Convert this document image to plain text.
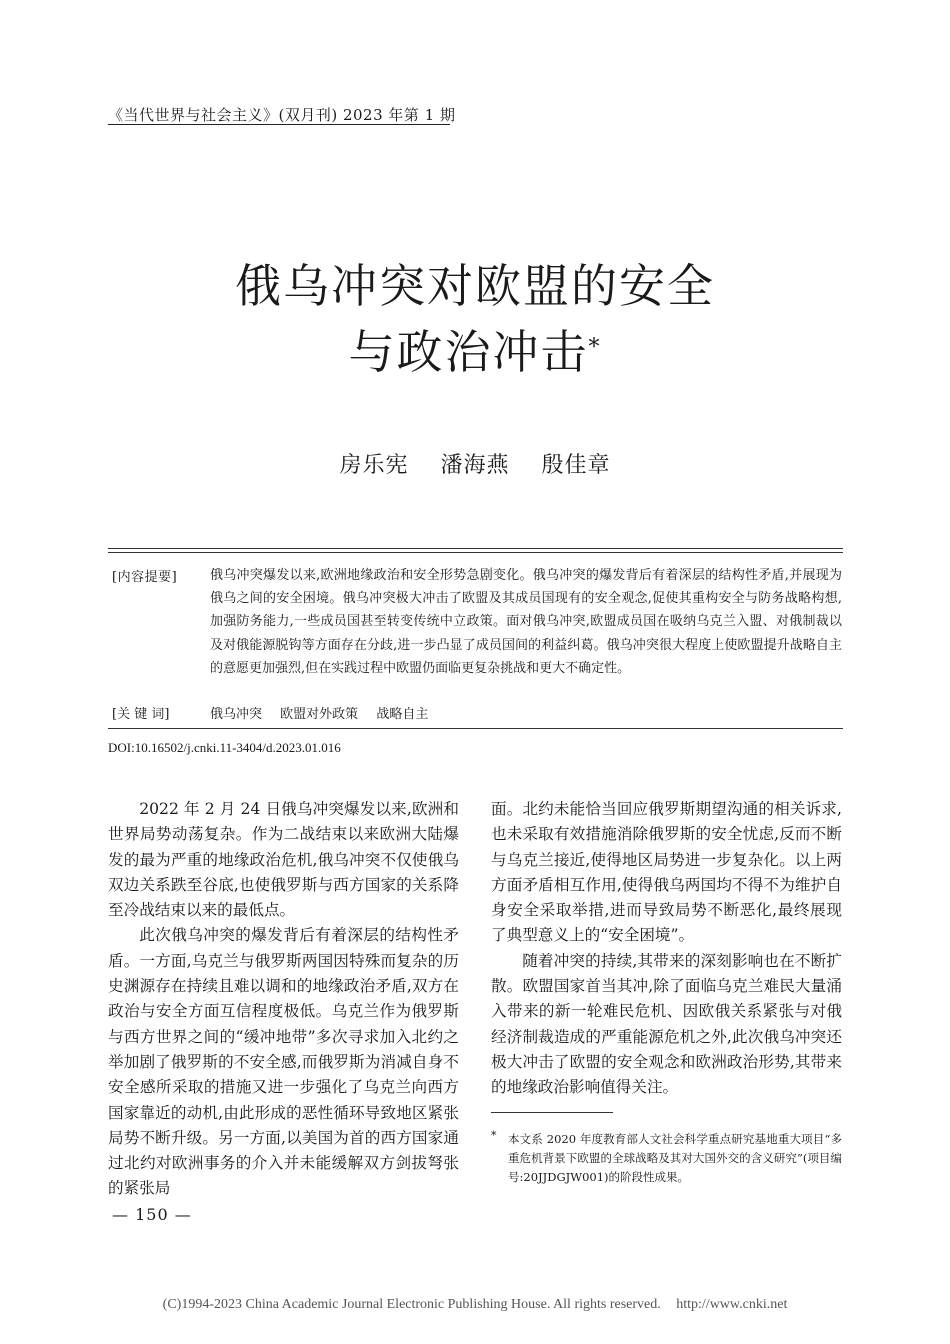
《当代世界与社会主义》(双月刊) 2023 年第 1 期
俄乌冲突对欧盟的安全
与政治冲击*
房乐宪 潘海燕 殷佳章
[内容提要]	俄乌冲突爆发以来,欧洲地缘政治和安全形势急剧变化。俄乌冲突的爆发背后有着深层的结构性矛盾,并展现为俄乌之间的安全困境。俄乌冲突极大冲击了欧盟及其成员国现有的安全观念,促使其重构安全与防务战略构想,加强防务能力,一些成员国甚至转变传统中立政策。面对俄乌冲突,欧盟成员国在吸纳乌克兰入盟、对俄制裁以及对俄能源脱钩等方面存在分歧,进一步凸显了成员国间的利益纠葛。俄乌冲突很大程度上使欧盟提升战略自主的意愿更加强烈,但在实践过程中欧盟仍面临更复杂挑战和更大不确定性。
[关 键 词]	俄乌冲突 欧盟对外政策 战略自主
DOI:10.16502/j.cnki.11-3404/d.2023.01.016

2022 年 2 月 24 日俄乌冲突爆发以来,欧洲和世界局势动荡复杂。作为二战结束以来欧洲大陆爆发的最为严重的地缘政治危机,俄乌冲突不仅使俄乌双边关系跌至谷底,也使俄罗斯与西方国家的关系降至冷战结束以来的最低点。

此次俄乌冲突的爆发背后有着深层的结构性矛盾。一方面,乌克兰与俄罗斯两国因特殊而复杂的历史渊源存在持续且难以调和的地缘政治矛盾,双方在政治与安全方面互信程度极低。乌克兰作为俄罗斯与西方世界之间的“缓冲地带”多次寻求加入北约之举加剧了俄罗斯的不安全感,而俄罗斯为消减自身不安全感所采取的措施又进一步强化了乌克兰向西方国家靠近的动机,由此形成的恶性循环导致地区紧张局势不断升级。另一方面,以美国为首的西方国家通过北约对欧洲事务的介入并未能缓解双方剑拔弩张的紧张局

面。北约未能恰当回应俄罗斯期望沟通的相关诉求,也未采取有效措施消除俄罗斯的安全忧虑,反而不断与乌克兰接近,使得地区局势进一步复杂化。以上两方面矛盾相互作用,使得俄乌两国均不得不为维护自身安全采取举措,进而导致局势不断恶化,最终展现了典型意义上的“安全困境”。

随着冲突的持续,其带来的深刻影响也在不断扩散。欧盟国家首当其冲,除了面临乌克兰难民大量涌入带来的新一轮难民危机、因欧俄关系紧张与对俄经济制裁造成的严重能源危机之外,此次俄乌冲突还极大冲击了欧盟的安全观念和欧洲政治形势,其带来的地缘政治影响值得关注。

*	本文系 2020 年度教育部人文社会科学重点研究基地重大项目“多重危机背景下欧盟的全球战略及其对大国外交的含义研究”(项目编号:20JJDGJW001)的阶段性成果。
— 150 —
(C)1994-2023 China Academic Journal Electronic Publishing House. All rights reserved. http://www.cnki.net
